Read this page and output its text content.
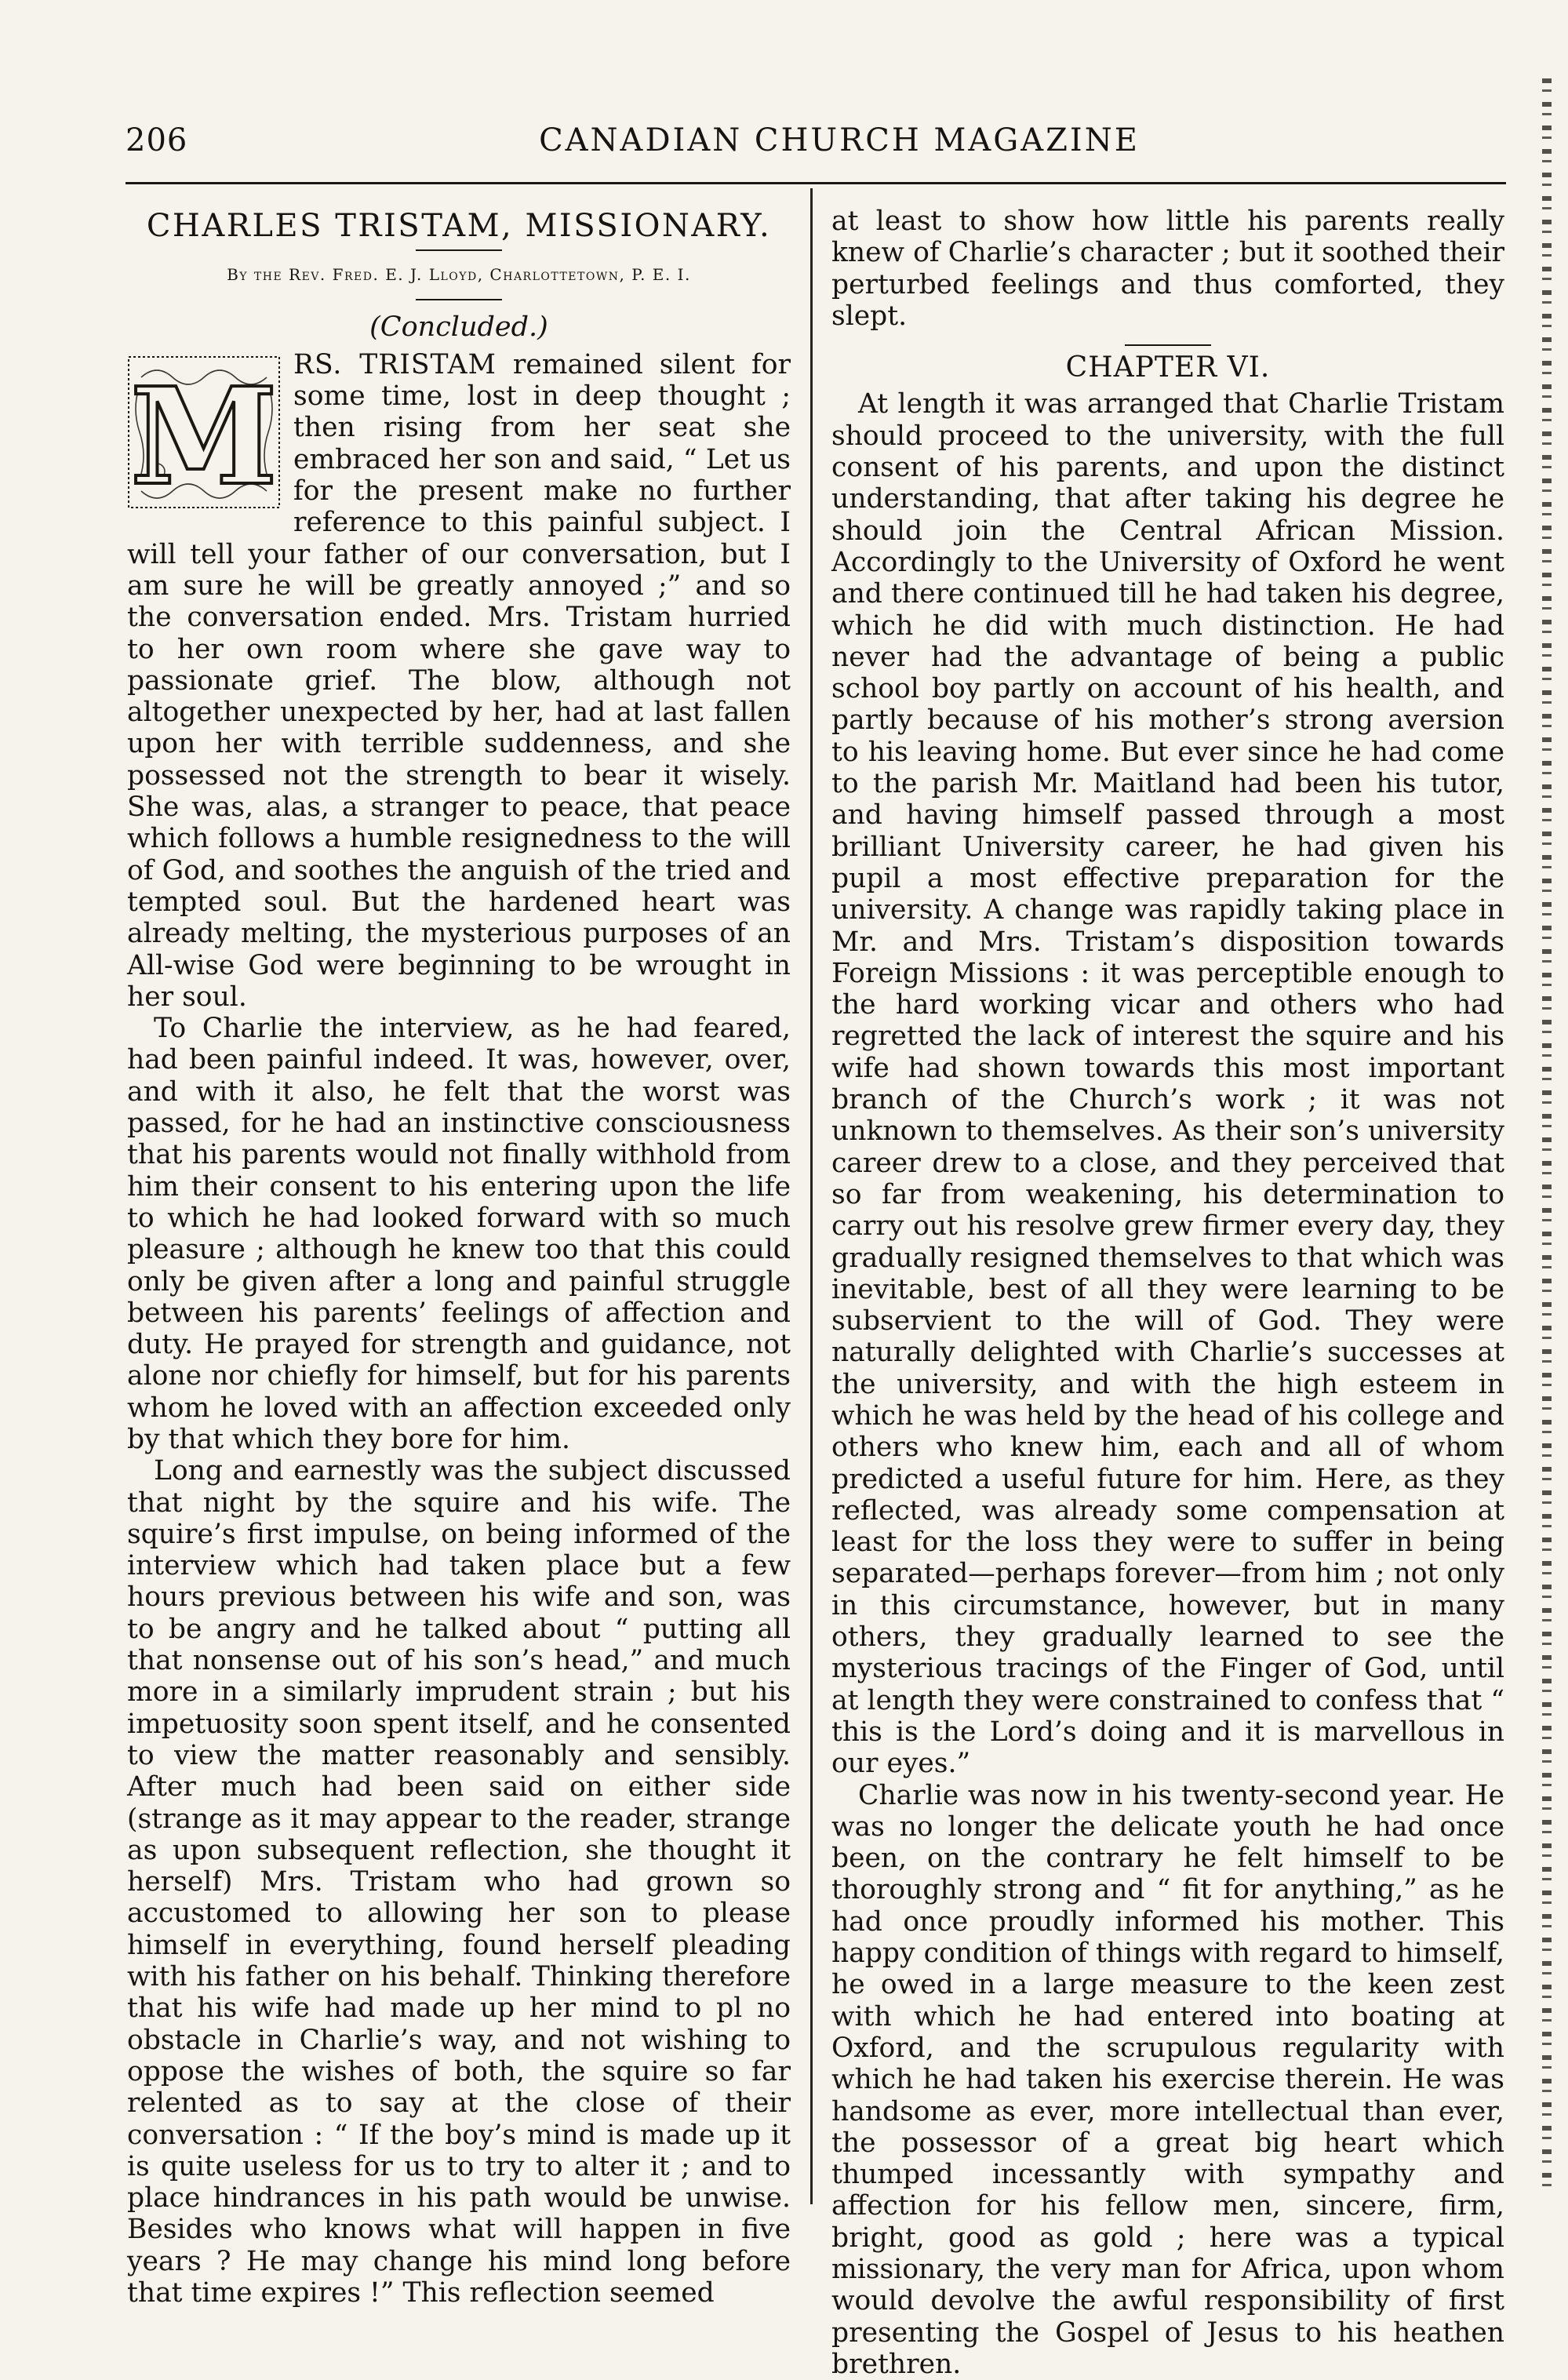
206	CANADIAN CHURCH MAGAZINE
CHARLES TRISTAM, MISSIONARY.
By the Rev. Fred. E. J. Lloyd, Charlottetown, P. E. I.
(Concluded.)

M RS. TRISTAM remained silent for some time, lost in deep thought ; then rising from her seat she embraced her son and said, “ Let us for the present make no further reference to this painful subject. I will tell your father of our conversation, but I am sure he will be greatly annoyed ;” and so the conversation ended. Mrs. Tristam hurried to her own room where she gave way to passionate grief. The blow, although not altogether unexpected by her, had at last fallen upon her with terrible suddenness, and she possessed not the strength to bear it wisely. She was, alas, a stranger to peace, that peace which follows a humble resignedness to the will of God, and soothes the anguish of the tried and tempted soul. But the hardened heart was already melting, the mysterious purposes of an All-wise God were beginning to be wrought in her soul.

To Charlie the interview, as he had feared, had been painful indeed. It was, however, over, and with it also, he felt that the worst was passed, for he had an instinctive consciousness that his parents would not finally withhold from him their consent to his entering upon the life to which he had looked forward with so much pleasure ; although he knew too that this could only be given after a long and painful struggle between his parents’ feelings of affection and duty. He prayed for strength and guidance, not alone nor chiefly for himself, but for his parents whom he loved with an affection exceeded only by that which they bore for him.

Long and earnestly was the subject discussed that night by the squire and his wife. The squire’s first impulse, on being informed of the interview which had taken place but a few hours previous between his wife and son, was to be angry and he talked about “ putting all that nonsense out of his son’s head,” and much more in a similarly imprudent strain ; but his impetuosity soon spent itself, and he consented to view the matter reasonably and sensibly. After much had been said on either side (strange as it may appear to the reader, strange as upon subsequent reflection, she thought it herself) Mrs. Tristam who had grown so accustomed to allowing her son to please himself in everything, found herself pleading with his father on his behalf. Thinking therefore that his wife had made up her mind to pl no obstacle in Charlie’s way, and not wishing to oppose the wishes of both, the squire so far relented as to say at the close of their conversation : “ If the boy’s mind is made up it is quite useless for us to try to alter it ; and to place hindrances in his path would be unwise. Besides who knows what will happen in five years ? He may change his mind long before that time expires !” This reflection seemed

at least to show how little his parents really knew of Charlie’s character ; but it soothed their perturbed feelings and thus comforted, they slept.

CHAPTER VI.

At length it was arranged that Charlie Tristam should proceed to the university, with the full consent of his parents, and upon the distinct understanding, that after taking his degree he should join the Central African Mission. Accordingly to the University of Oxford he went and there continued till he had taken his degree, which he did with much distinction. He had never had the advantage of being a public school boy partly on account of his health, and partly because of his mother’s strong aversion to his leaving home. But ever since he had come to the parish Mr. Maitland had been his tutor, and having himself passed through a most brilliant University career, he had given his pupil a most effective preparation for the university. A change was rapidly taking place in Mr. and Mrs. Tristam’s disposition towards Foreign Missions : it was perceptible enough to the hard working vicar and others who had regretted the lack of interest the squire and his wife had shown towards this most important branch of the Church’s work ; it was not unknown to themselves. As their son’s university career drew to a close, and they perceived that so far from weakening, his determination to carry out his resolve grew firmer every day, they gradually resigned themselves to that which was inevitable, best of all they were learning to be subservient to the will of God. They were naturally delighted with Charlie’s successes at the university, and with the high esteem in which he was held by the head of his college and others who knew him, each and all of whom predicted a useful future for him. Here, as they reflected, was already some compensation at least for the loss they were to suffer in being separated—perhaps forever—from him ; not only in this circumstance, however, but in many others, they gradually learned to see the mysterious tracings of the Finger of God, until at length they were constrained to confess that “ this is the Lord’s doing and it is marvellous in our eyes.”

Charlie was now in his twenty-second year. He was no longer the delicate youth he had once been, on the contrary he felt himself to be thoroughly strong and “ fit for anything,” as he had once proudly informed his mother. This happy condition of things with regard to himself, he owed in a large measure to the keen zest with which he had entered into boating at Oxford, and the scrupulous regularity with which he had taken his exercise therein. He was handsome as ever, more intellectual than ever, the possessor of a great big heart which thumped incessantly with sympathy and affection for his fellow men, sincere, firm, bright, good as gold ; here was a typical missionary, the very man for Africa, upon whom would devolve the awful responsibility of first presenting the Gospel of Jesus to his heathen brethren.
